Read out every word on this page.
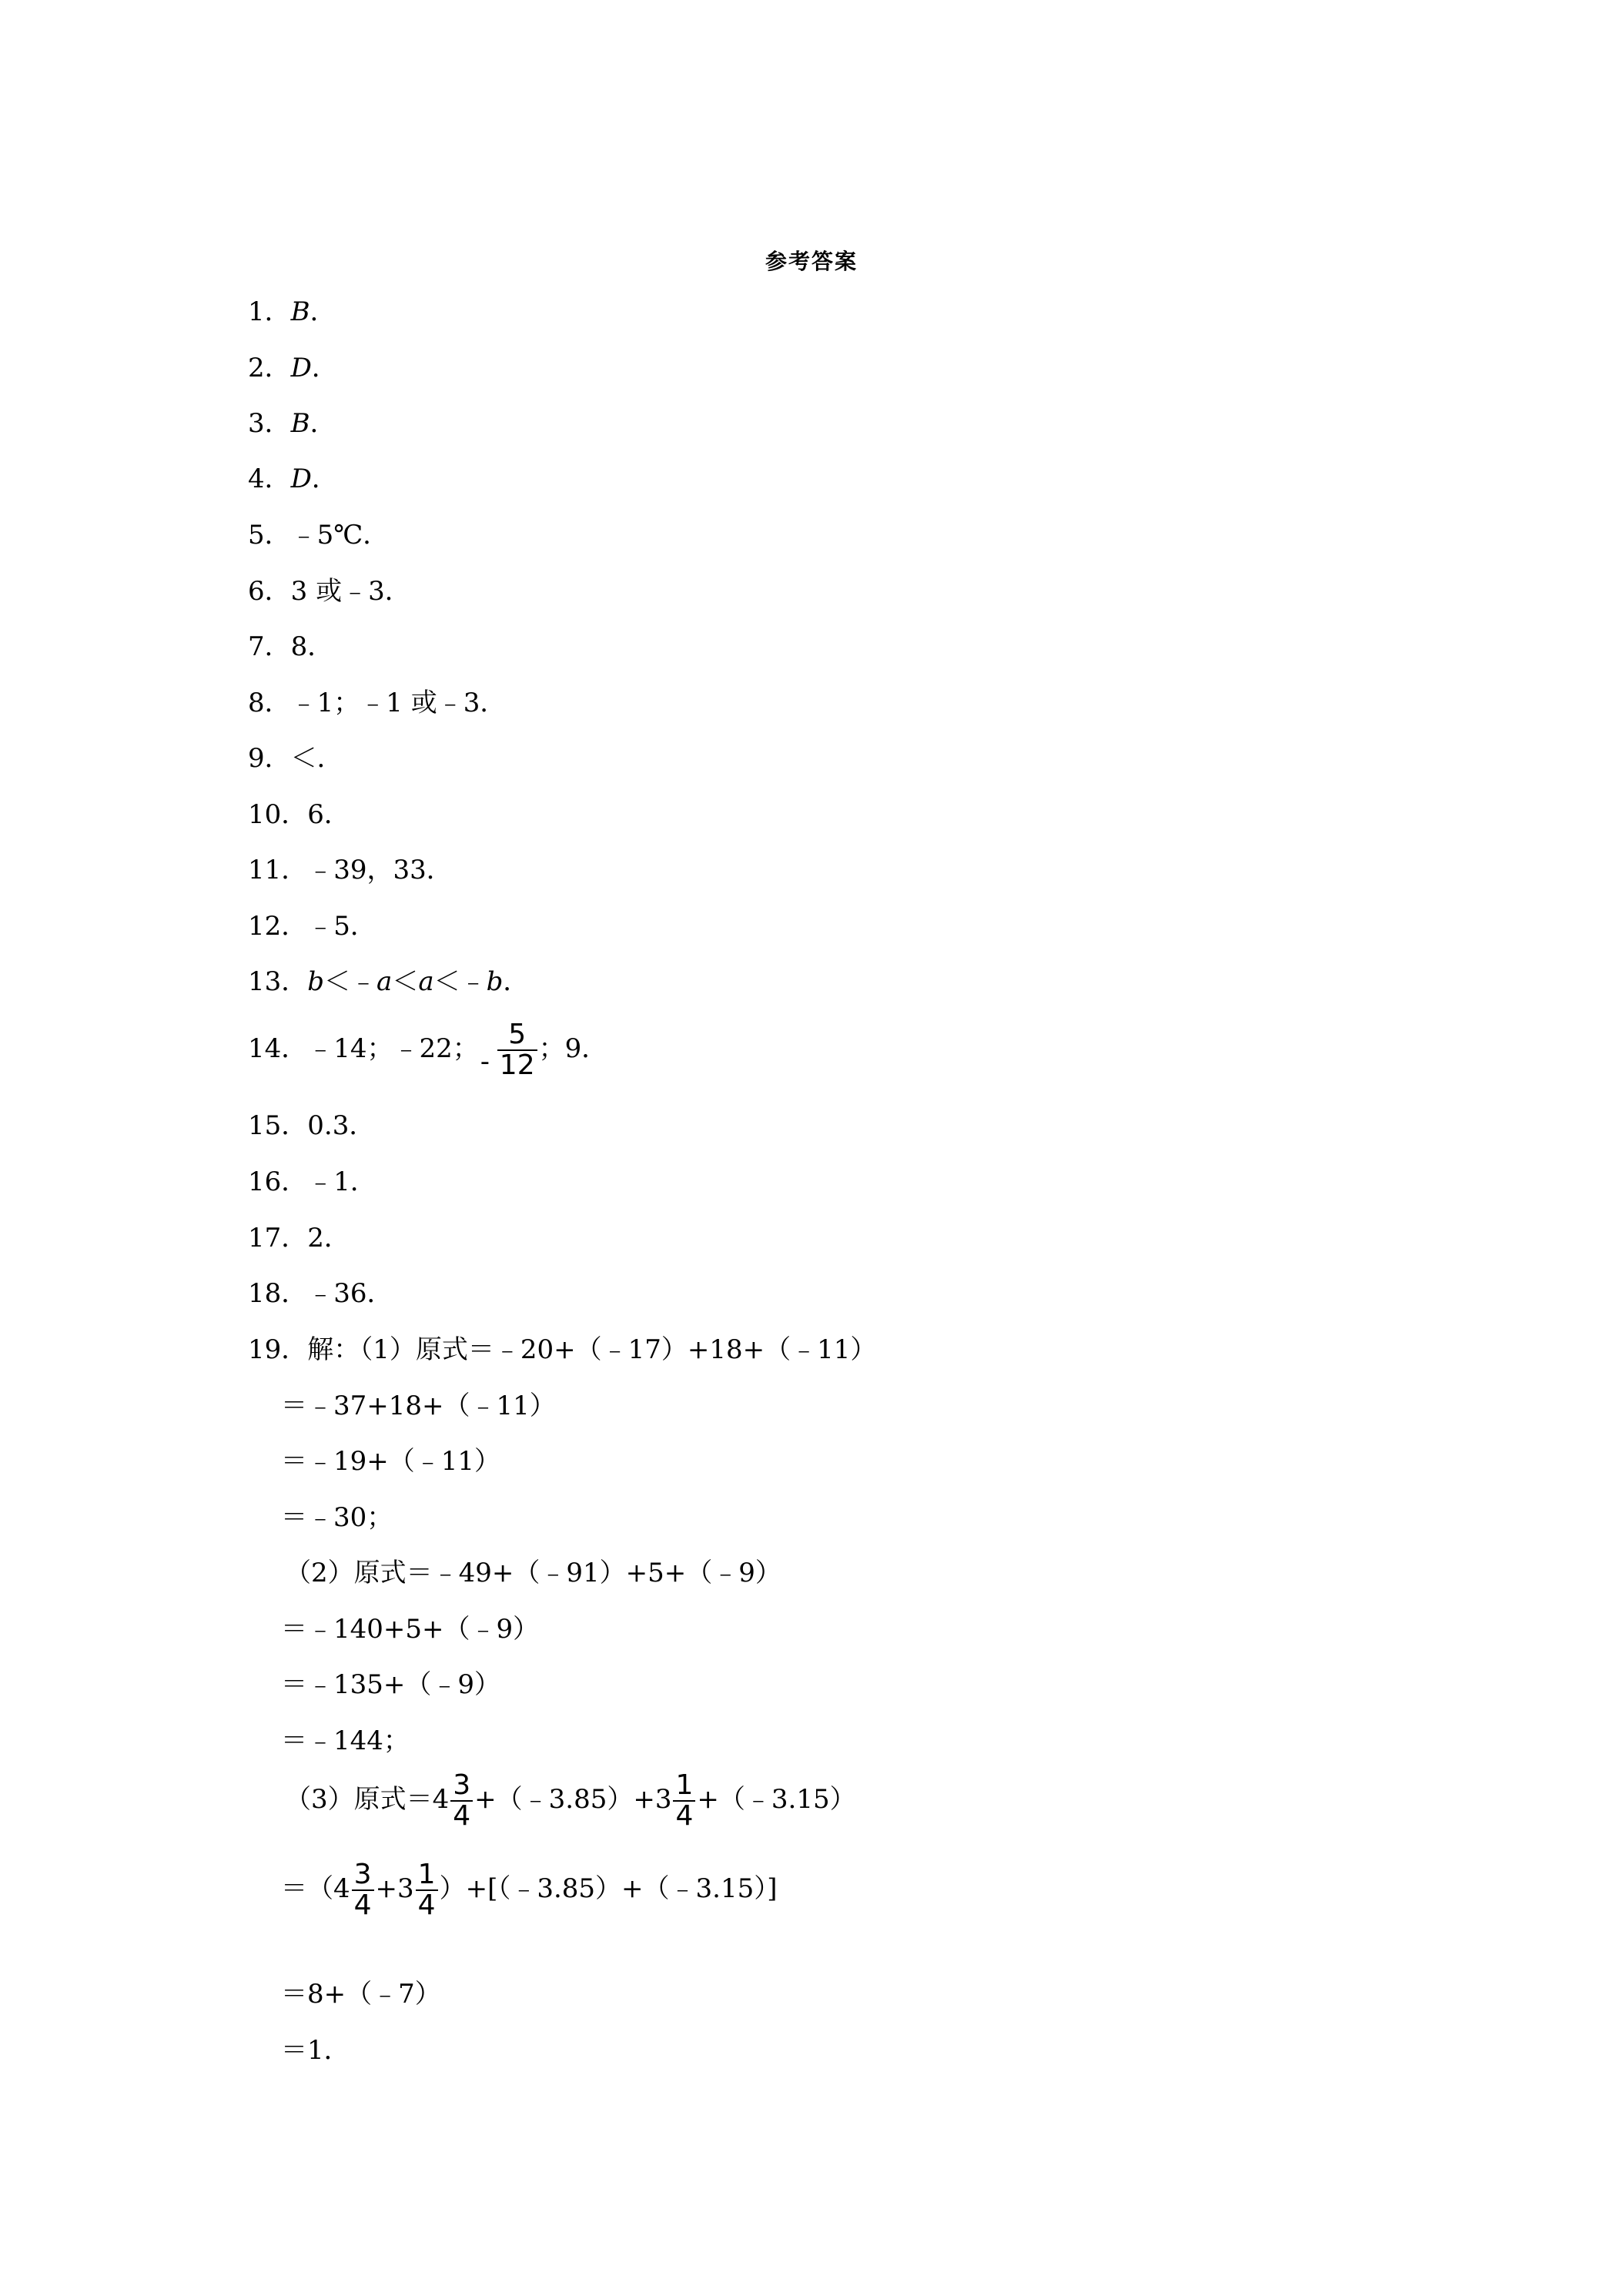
参考答案
1．B．
2．D．
3．B．
4．D．
5．﹣5℃．
6．3 或﹣3．
7．8．
8．﹣1；﹣1 或﹣3．
9．＜．
10．6．
11．﹣39，33．
12．﹣5．
13．b＜﹣a＜a＜﹣b．
14．﹣14；﹣22； -
5
12
；9．
15．0.3．
16．﹣1．
17．2．
18．﹣36．
19．解：（1）原式＝﹣20+（﹣17）+18+（﹣11）
＝﹣37+18+（﹣11）
＝﹣19+（﹣11）
＝﹣30；
（2）原式＝﹣49+（﹣91）+5+（﹣9）
＝﹣140+5+（﹣9）
＝﹣135+（﹣9）
＝﹣144；
（3）原式$=4 \frac{3}{4}$ +（﹣3.85）+3 $\frac{1}{4}$ +（﹣3.15）
$=(4 \frac{3}{4} +3 \frac{1}{4}$ ）+[（﹣3.85）+（﹣3.15）]
＝8+（﹣7）
＝1．
